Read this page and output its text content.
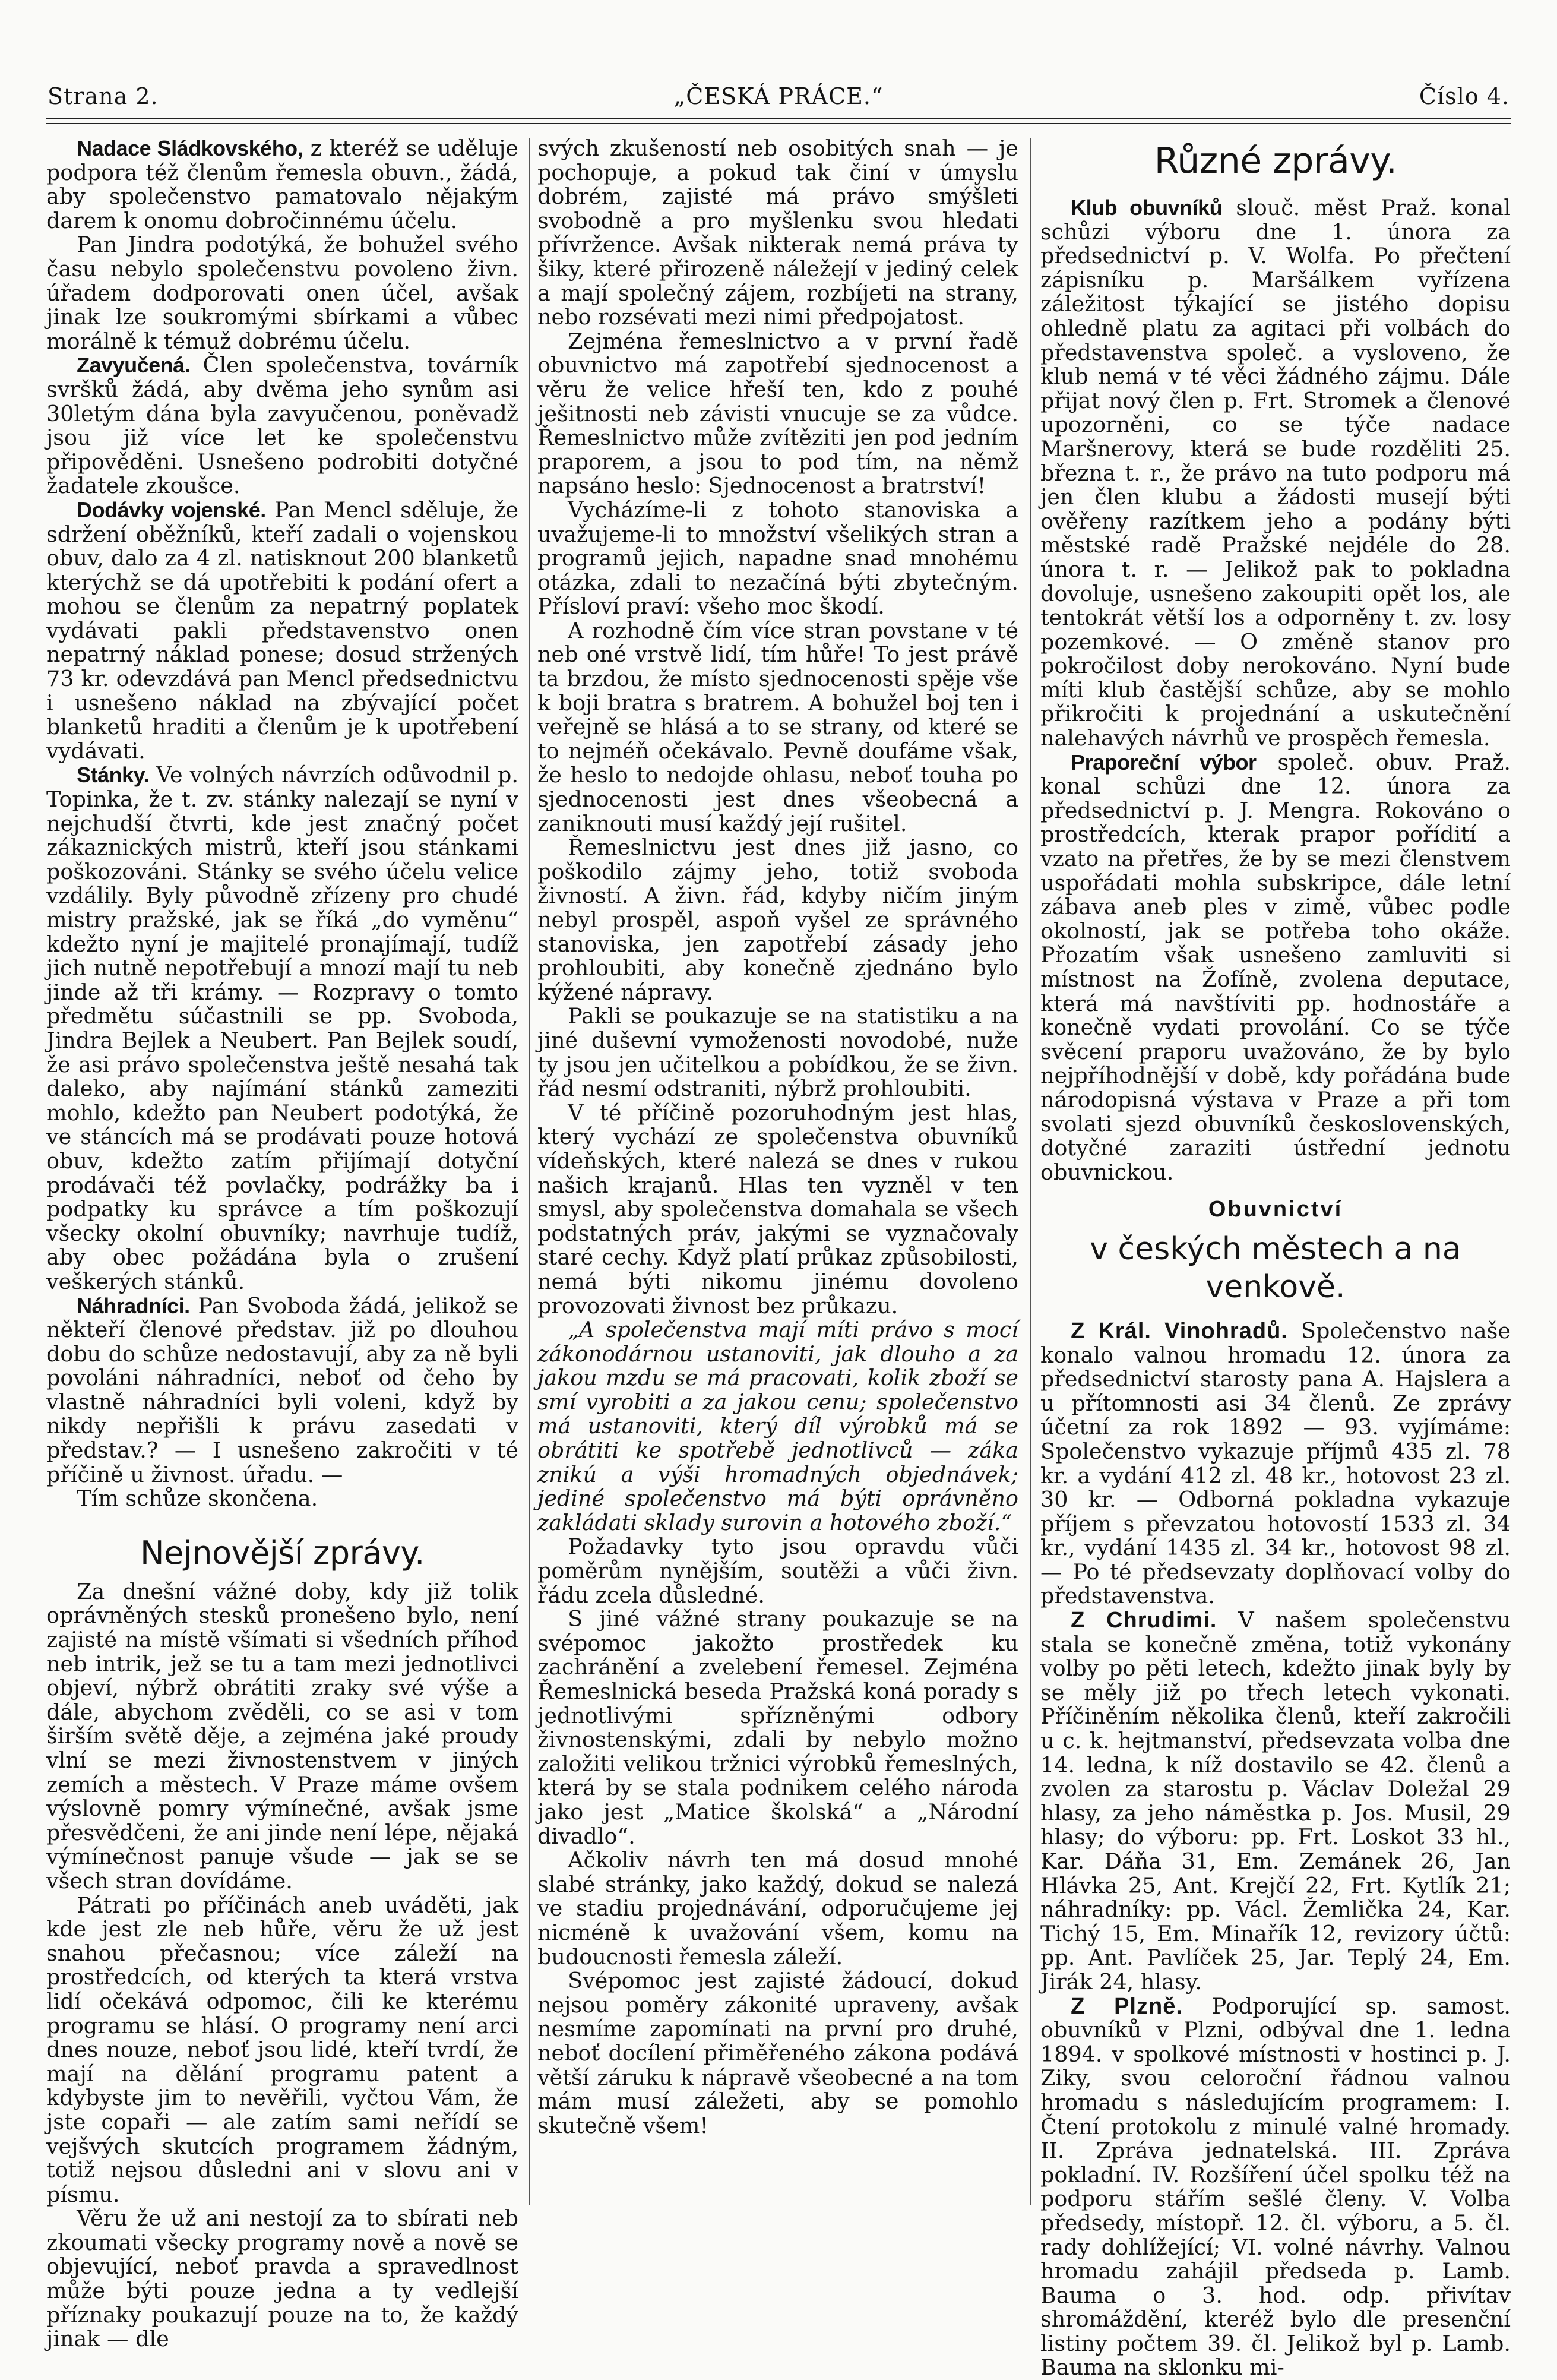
Strana 2.	„ČESKÁ PRÁCE.“	Číslo 4.

Nadace Sládkovského, z kteréž se uděluje podpora též členům řemesla obuvn., žádá, aby společenstvo pamatovalo nějakým darem k onomu dobročinnému účelu.

Pan Jindra podotýká, že bohužel svého času nebylo společenstvu povoleno živn. úřadem dodporovati onen účel, avšak jinak lze soukromými sbírkami a vůbec morálně k témuž dobrému účelu.

Zavyučená. Člen společenstva, továrník svršků žádá, aby dvěma jeho synům asi 30letým dána byla zavyučenou, poněvadž jsou již více let ke společenstvu připověděni. Usnešeno podrobiti dotyčné žadatele zkoušce.

Dodávky vojenské. Pan Mencl sděluje, že sdržení oběžníků, kteří zadali o vojenskou obuv, dalo za 4 zl. natisknout 200 blanketů kterýchž se dá upotřebiti k podání ofert a mohou se členům za nepatrný poplatek vydávati pakli představenstvo onen nepatrný náklad ponese; dosud stržených 73 kr. odevzdává pan Mencl předsednictvu i usnešeno náklad na zbývající počet blanketů hraditi a členům je k upotřebení vydávati.

Stánky. Ve volných návrzích odůvodnil p. Topinka, že t. zv. stánky nalezají se nyní v nejchudší čtvrti, kde jest značný počet zákaznických mistrů, kteří jsou stánkami poškozováni. Stánky se svého účelu velice vzdálily. Byly původně zřízeny pro chudé mistry pražské, jak se říká „do vyměnu“ kdežto nyní je majitelé pronajímají, tudíž jich nutně nepotřebují a mnozí mají tu neb jinde až tři krámy. — Rozpravy o tomto předmětu súčastnili se pp. Svoboda, Jindra Bejlek a Neubert. Pan Bejlek soudí, že asi právo společenstva ještě nesahá tak daleko, aby najímání stánků zameziti mohlo, kdežto pan Neubert podotýká, že ve stáncích má se prodávati pouze hotová obuv, kdežto zatím přijímají dotyční prodávači též povlačky, podrážky ba i podpatky ku správce a tím poškozují všecky okolní obuvníky; navrhuje tudíž, aby obec požádána byla o zrušení veškerých stánků.

Náhradníci. Pan Svoboda žádá, jelikož se někteří členové představ. již po dlouhou dobu do schůze nedostavují, aby za ně byli povoláni náhradníci, neboť od čeho by vlastně náhradníci byli voleni, když by nikdy nepřišli k právu zasedati v představ.? — I usnešeno zakročiti v té příčině u živnost. úřadu. —

Tím schůze skončena.

Nejnovější zprávy.

Za dnešní vážné doby, kdy již tolik oprávněných stesků pronešeno bylo, není zajisté na místě všímati si všedních příhod neb intrik, jež se tu a tam mezi jednotlivci objeví, nýbrž obrátiti zraky své výše a dále, abychom zvěděli, co se asi v tom širším světě děje, a zejména jaké proudy vlní se mezi živnostenstvem v jiných zemích a městech. V Praze máme ovšem výslovně pomry výmínečné, avšak jsme přesvědčeni, že ani jinde není lépe, nějaká výmínečnost panuje všude — jak se se všech stran dovídáme.

Pátrati po příčinách aneb uváděti, jak kde jest zle neb hůře, věru že už jest snahou přečasnou; více záleží na prostředcích, od kterých ta která vrstva lidí očekává odpomoc, čili ke kterému programu se hlásí. O programy není arci dnes nouze, neboť jsou lidé, kteří tvrdí, že mají na dělání programu patent a kdybyste jim to nevěřili, vyčtou Vám, že jste copaři — ale zatím sami neřídí se vejšvých skutcích programem žádným, totiž nejsou důsledni ani v slovu ani v písmu.

Věru že už ani nestojí za to sbírati neb zkoumati všecky programy nově a nově se objevující, neboť pravda a spravedlnost může býti pouze jedna a ty vedlejší příznaky poukazují pouze na to, že každý jinak — dle

svých zkušeností neb osobitých snah — je pochopuje, a pokud tak činí v úmyslu dobrém, zajisté má právo smýšleti svobodně a pro myšlenku svou hledati přívržence. Avšak nikterak nemá práva ty šiky, které přirozeně náležejí v jediný celek a mají společný zájem, rozbíjeti na strany, nebo rozsévati mezi nimi předpojatost.

Zejména řemeslnictvo a v první řadě obuvnictvo má zapotřebí sjednocenost a věru že velice hřeší ten, kdo z pouhé ješitnosti neb závisti vnucuje se za vůdce. Řemeslnictvo může zvítěziti jen pod jedním praporem, a jsou to pod tím, na němž napsáno heslo: Sjednocenost a bratrství!

Vycházíme-li z tohoto stanoviska a uvažujeme-li to množství všelikých stran a programů jejich, napadne snad mnohému otázka, zdali to nezačíná býti zbytečným. Přísloví praví: všeho moc škodí.

A rozhodně čím více stran povstane v té neb oné vrstvě lidí, tím hůře! To jest právě ta brzdou, že místo sjednocenosti spěje vše k boji bratra s bratrem. A bohužel boj ten i veřejně se hlásá a to se strany, od které se to nejméň očekávalo. Pevně doufáme však, že heslo to nedojde ohlasu, neboť touha po sjednocenosti jest dnes všeobecná a zaniknouti musí každý její rušitel.

Řemeslnictvu jest dnes již jasno, co poškodilo zájmy jeho, totiž svoboda živností. A živn. řád, kdyby ničím jiným nebyl prospěl, aspoň vyšel ze správného stanoviska, jen zapotřebí zásady jeho prohloubiti, aby konečně zjednáno bylo kýžené nápravy.

Pakli se poukazuje se na statistiku a na jiné duševní vymoženosti novodobé, nuže ty jsou jen učitelkou a pobídkou, že se živn. řád nesmí odstraniti, nýbrž prohloubiti.

V té příčině pozoruhodným jest hlas, který vychází ze společenstva obuvníků vídeňských, které nalezá se dnes v rukou našich krajanů. Hlas ten vyzněl v ten smysl, aby společenstva domahala se všech podstatných práv, jakými se vyznačovaly staré cechy. Když platí průkaz způsobilosti, nemá býti nikomu jinému dovoleno provozovati živnost bez průkazu.

„A společenstva mají míti právo s mocí zákonodárnou ustanoviti, jak dlouho a za jakou mzdu se má pracovati, kolik zboží se smí vyrobiti a za jakou cenu; společenstvo má ustanoviti, který díl výrobků má se obrátiti ke spotřebě jednotlivců — záka znikú a výši hromadných objednávek; jediné společenstvo má býti oprávněno zakládati sklady surovin a hotového zboží.“

Požadavky tyto jsou opravdu vůči poměrům nynějším, soutěži a vůči živn. řádu zcela důsledné.

S jiné vážné strany poukazuje se na svépomoc jakožto prostředek ku zachránění a zvelebení řemesel. Zejména Řemeslnická beseda Pražská koná porady s jednotlivými spřízněnými odbory živnostenskými, zdali by nebylo možno založiti velikou tržnici výrobků řemeslných, která by se stala podnikem celého národa jako jest „Matice školská“ a „Národní divadlo“.

Ačkoliv návrh ten má dosud mnohé slabé stránky, jako každý, dokud se nalezá ve stadiu projednávání, odporučujeme jej nicméně k uvažování všem, komu na budoucnosti řemesla záleží.

Svépomoc jest zajisté žádoucí, dokud nejsou poměry zákonité upraveny, avšak nesmíme zapomínati na první pro druhé, neboť docílení přiměřeného zákona podává větší záruku k nápravě všeobecné a na tom mám musí záležeti, aby se pomohlo skutečně všem!

Různé zprávy.

Klub obuvníků slouč. měst Praž. konal schůzi výboru dne 1. února za předsednictví p. V. Wolfa. Po přečtení zápisníku p. Maršálkem vyřízena záležitost týkající se jistého dopisu ohledně platu za agitaci při volbách do představenstva společ. a vysloveno, že klub nemá v té věci žádného zájmu. Dále přijat nový člen p. Frt. Stromek a členové upozorněni, co se týče nadace Maršnerovy, která se bude rozděliti 25. března t. r., že právo na tuto podporu má jen člen klubu a žádosti musejí býti ověřeny razítkem jeho a podány býti městské radě Pražské nejdéle do 28. února t. r. — Jelikož pak to pokladna dovoluje, usnešeno zakoupiti opět los, ale tentokrát větší los a odporněny t. zv. losy pozemkové. — O změně stanov pro pokročilost doby nerokováno. Nyní bude míti klub častější schůze, aby se mohlo přikročiti k projednání a uskutečnění nalehavých návrhů ve prospěch řemesla.

Praporeční výbor společ. obuv. Praž. konal schůzi dne 12. února za předsednictví p. J. Mengra. Rokováno o prostředcích, kterak prapor pořídití a vzato na přetřes, že by se mezi členstvem uspořádati mohla subskripce, dále letní zábava aneb ples v zimě, vůbec podle okolností, jak se potřeba toho okáže. Přozatím však usnešeno zamluviti si místnost na Žofíně, zvolena deputace, která má navštíviti pp. hodnostáře a konečně vydati provolání. Co se týče svěcení praporu uvažováno, že by bylo nejpříhodnější v době, kdy pořádána bude národopisná výstava v Praze a při tom svolati sjezd obuvníků československých, dotyčné zaraziti ústřední jednotu obuvnickou.

Obuvnictví
v českých městech a na venkově.

Z Král. Vinohradů. Společenstvo naše konalo valnou hromadu 12. února za předsednictví starosty pana A. Hajslera a u přítomnosti asi 34 členů. Ze zprávy účetní za rok 1892 — 93. vyjímáme: Společenstvo vykazuje příjmů 435 zl. 78 kr. a vydání 412 zl. 48 kr., hotovost 23 zl. 30 kr. — Odborná pokladna vykazuje příjem s převzatou hotovostí 1533 zl. 34 kr., vydání 1435 zl. 34 kr., hotovost 98 zl. — Po té předsevzaty doplňovací volby do představenstva.

Z Chrudimi. V našem společenstvu stala se konečně změna, totiž vykonány volby po pěti letech, kdežto jinak byly by se měly již po třech letech vykonati. Příčiněním několika členů, kteří zakročili u c. k. hejtmanství, předsevzata volba dne 14. ledna, k níž dostavilo se 42. členů a zvolen za starostu p. Václav Doležal 29 hlasy, za jeho náměstka p. Jos. Musil, 29 hlasy; do výboru: pp. Frt. Loskot 33 hl., Kar. Dáňa 31, Em. Zemánek 26, Jan Hlávka 25, Ant. Krejčí 22, Frt. Kytlík 21; náhradníky: pp. Václ. Žemlička 24, Kar. Tichý 15, Em. Minařík 12, revizory účtů: pp. Ant. Pavlíček 25, Jar. Teplý 24, Em. Jirák 24, hlasy.

Z Plzně. Podporující sp. samost. obuvníků v Plzni, odbýval dne 1. ledna 1894. v spolkové místnosti v hostinci p. J. Ziky, svou celoroční řádnou valnou hromadu s následujícím programem: I. Čtení protokolu z minulé valné hromady. II. Zpráva jednatelská. III. Zpráva pokladní. IV. Rozšíření účel spolku též na podporu stářím sešlé členy. V. Volba předsedy, místopř. 12. čl. výboru, a 5. čl. rady dohlížející; VI. volné návrhy. Valnou hromadu zahájil předseda p. Lamb. Bauma o 3. hod. odp. přivítav shromáždění, kteréž bylo dle presenční listiny počtem 39. čl. Jelikož byl p. Lamb. Bauma na sklonku mi-
